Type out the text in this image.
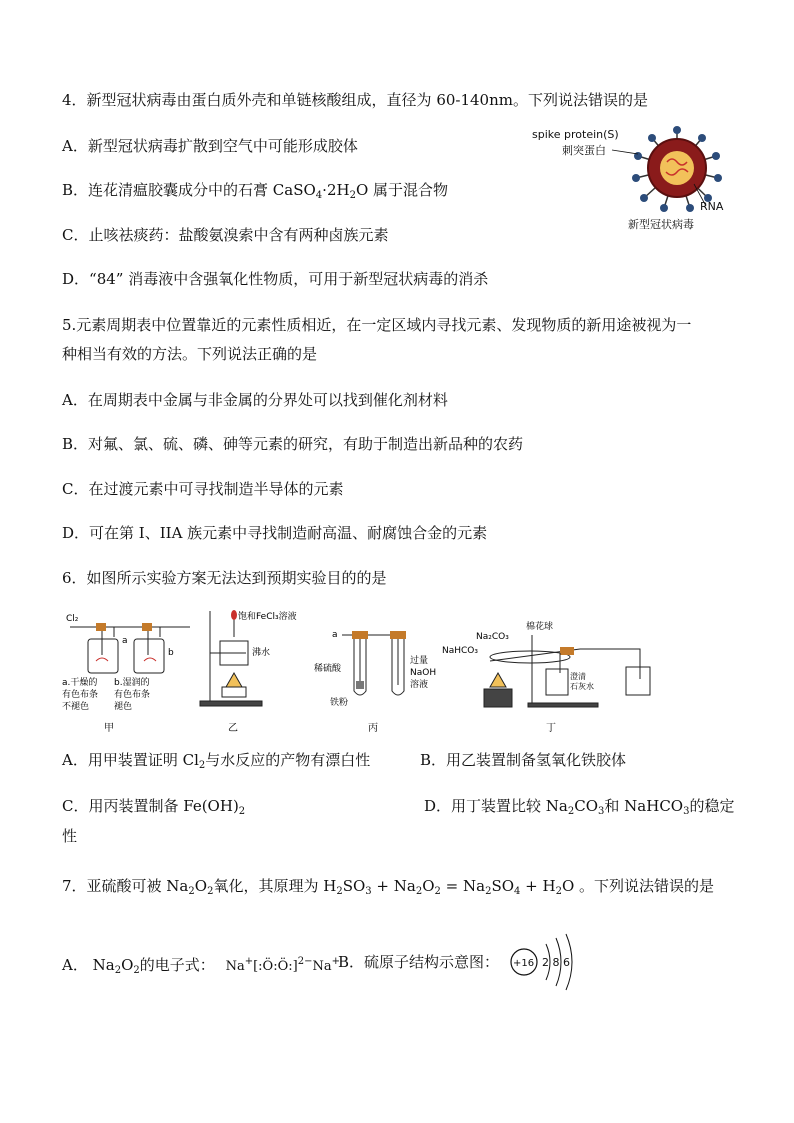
4．新型冠状病毒由蛋白质外壳和单链核酸组成，直径为 60-140nm。下列说法错误的是
A．新型冠状病毒扩散到空气中可能形成胶体
B．连花清瘟胶囊成分中的石膏 $CaSO_4\cdot 2H_2O$ 属于混合物
C．止咳祛痰药：盐酸氨溴索中含有两种卤族元素
D．“84” 消毒液中含强氧化性物质，可用于新型冠状病毒的消杀
spike protein(S)
刺突蛋白
RNA
新型冠状病毒
5.元素周期表中位置靠近的元素性质相近，在一定区域内寻找元素、发现物质的新用途被视为一
种相当有效的方法。下列说法正确的是
A．在周期表中金属与非金属的分界处可以找到催化剂材料
B．对氟、氯、硫、磷、砷等元素的研究，有助于制造出新品种的农药
C．在过渡元素中可寻找制造半导体的元素
D．可在第 I、IIA 族元素中寻找制造耐高温、耐腐蚀合金的元素
6．如图所示实验方案无法达到预期实验目的的是
Cl₂
a
b
a.干燥的
有色布条
不褪色
b.湿润的
有色布条
褪色
甲
饱和FeCl₃溶液
沸水
乙
a
稀硫酸
铁粉
过量
NaOH
溶液
丙
Na₂CO₃
棉花球
NaHCO₃
澄清
石灰水
丁
A．用甲装置证明 $Cl_2$与水反应的产物有漂白性	B．用乙装置制备氢氧化铁胶体
C．用丙装置制备 $Fe(OH)_2$	D．用丁装置比较 $Na_2CO_3$和 NaHCO$_3$的稳定
性
7．亚硫酸可被 $Na_2O_2$氧化，其原理为 $H_2SO_3 + Na_2O_2 = Na_2SO_4 + H_2O$ 。下列说法错误的是
A． $Na_2O_2$的电子式： Na+[:Ö:Ö:]$^{2-}$Na+
B．硫原子结构示意图： +16 2 8 6
